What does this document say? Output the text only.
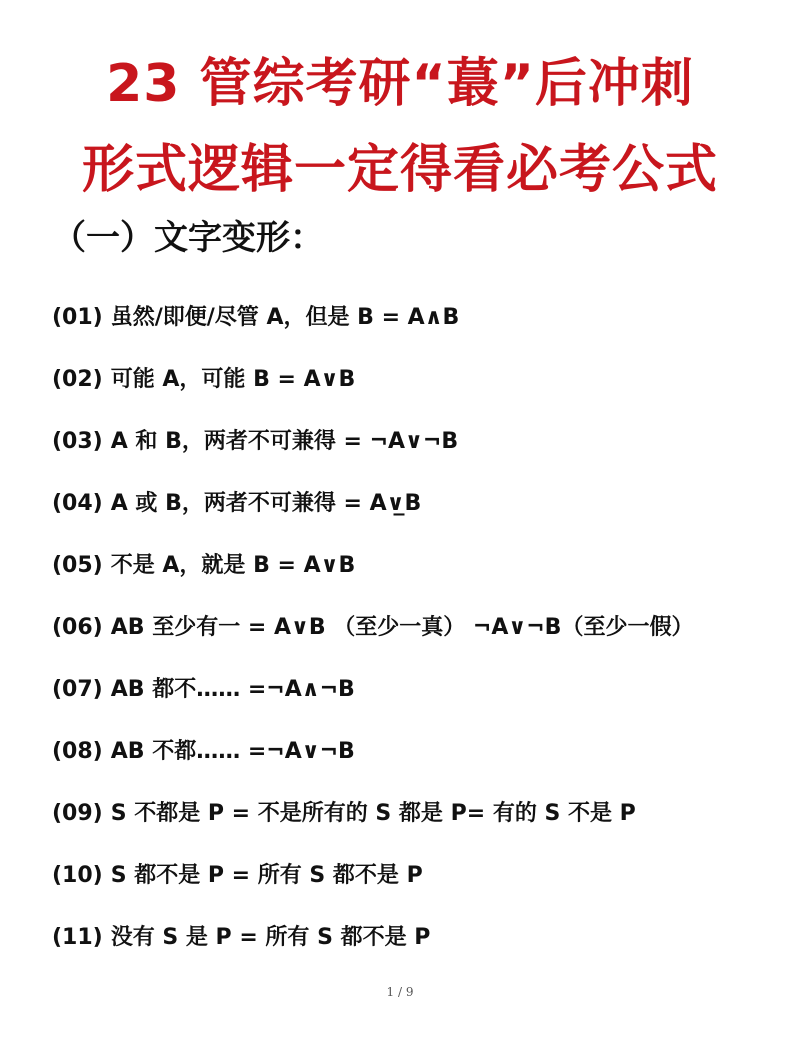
23 管综考研“蕞”后冲刺
形式逻辑一定得看必考公式
（一）文字变形：
(01) 虽然/即便/尽管 A，但是 B = A∧B
(02) 可能 A，可能 B = A∨B
(03) A 和 B，两者不可兼得 = ¬A∨¬B
(04) A 或 B，两者不可兼得 = A∨̲B
(05) 不是 A，就是 B = A∨B
(06) AB 至少有一 = A∨B （至少一真） ¬A∨¬B（至少一假）
(07) AB 都不…… =¬A∧¬B
(08) AB 不都…… =¬A∨¬B
(09) S 不都是 P = 不是所有的 S 都是 P= 有的 S 不是 P
(10) S 都不是 P = 所有 S 都不是 P
(11) 没有 S 是 P = 所有 S 都不是 P
1 / 9
